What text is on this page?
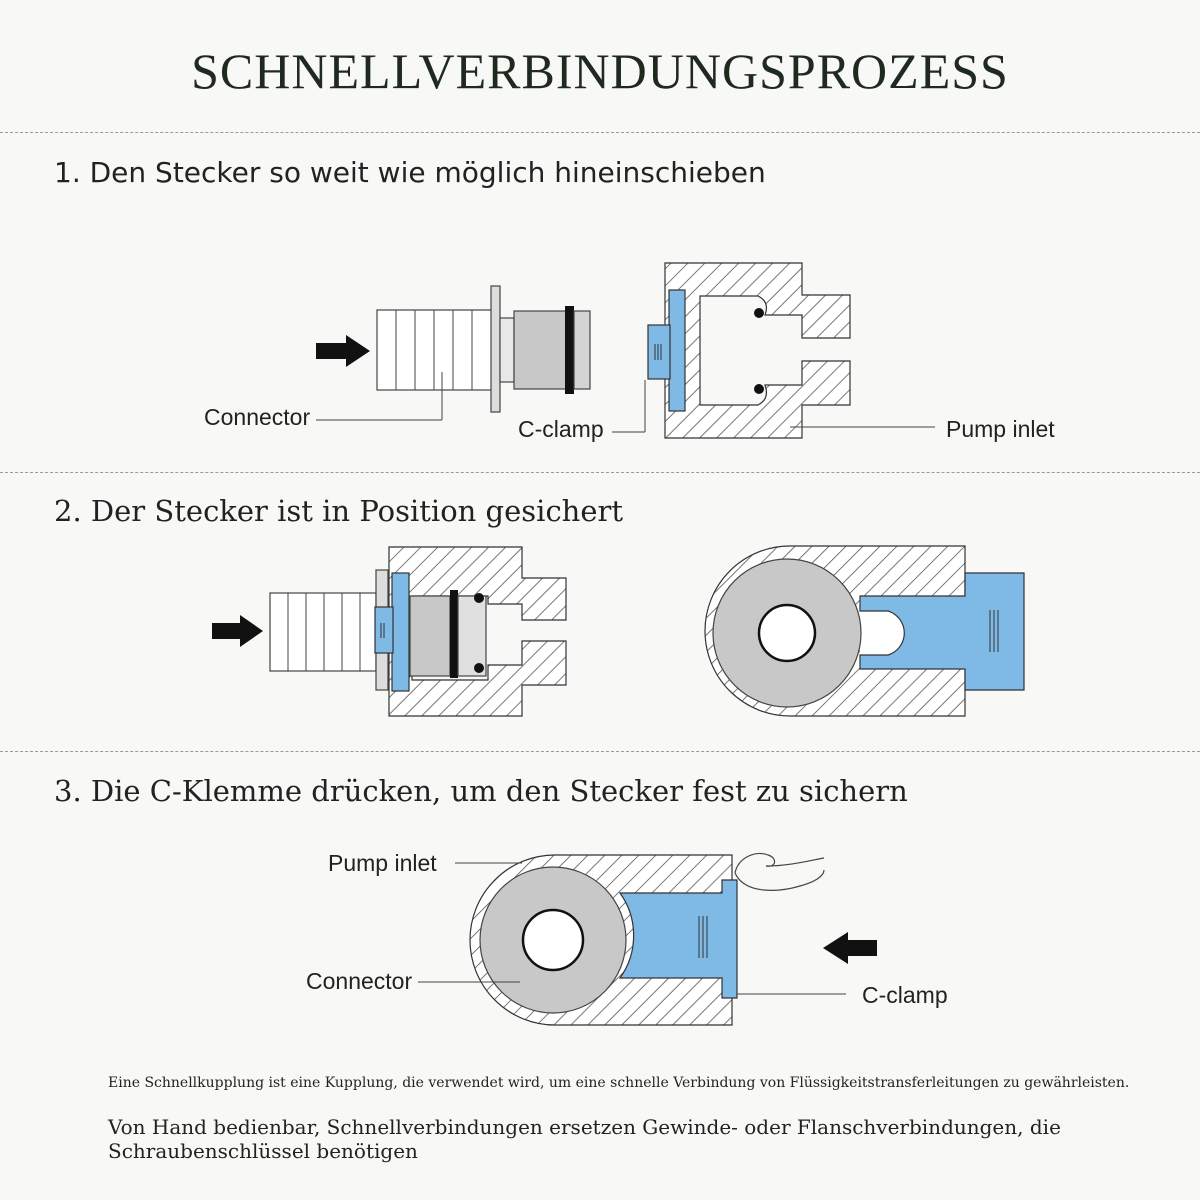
SCHNELLVERBINDUNGSPROZESS
1. Den Stecker so weit wie möglich hineinschieben
2. Der Stecker ist in Position gesichert
3. Die C-Klemme drücken, um den Stecker fest zu sichern
Connector	C-clamp	Pump inlet
Pump inlet
Connector
C-clamp
Eine Schnellkupplung ist eine Kupplung, die verwendet wird, um eine schnelle Verbindung von Flüssigkeitstransferleitungen zu gewährleisten.
Von Hand bedienbar, Schnellverbindungen ersetzen Gewinde- oder Flanschverbindungen, die Schraubenschlüssel benötigen
